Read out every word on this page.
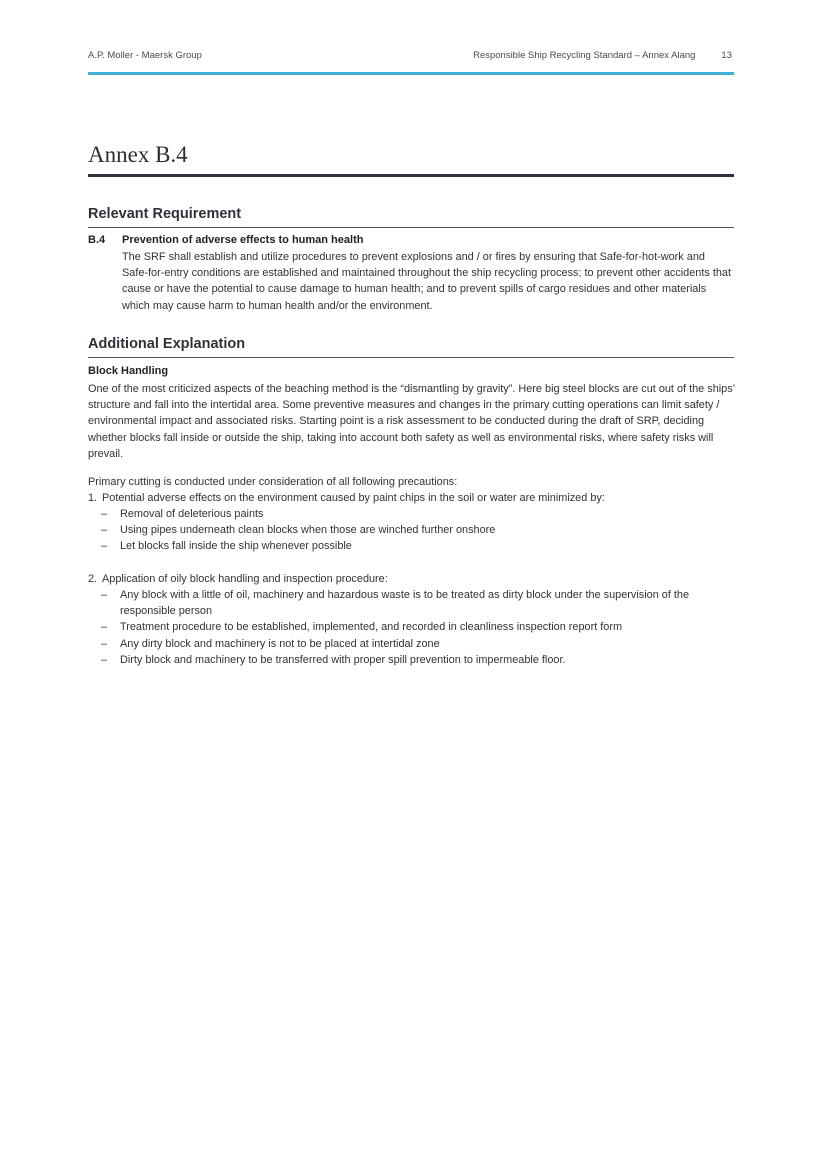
A.P. Moller - Maersk Group	Responsible Ship Recycling Standard – Annex Alang	13
Annex B.4
Relevant Requirement
B.4 Prevention of adverse effects to human health

The SRF shall establish and utilize procedures to prevent explosions and / or fires by ensuring that Safe-for-hot-work and Safe-for-entry conditions are established and maintained throughout the ship recycling process; to prevent other accidents that cause or have the potential to cause damage to human health; and to prevent spills of cargo residues and other materials which may cause harm to human health and/or the environment.

Additional Explanation
Block Handling

One of the most criticized aspects of the beaching method is the “dismantling by gravity”. Here big steel blocks are cut out of the ships’ structure and fall into the intertidal area. Some preventive measures and changes in the primary cutting operations can limit safety / environmental impact and associated risks. Starting point is a risk assessment to be conducted during the draft of SRP, deciding whether blocks fall inside or outside the ship, taking into account both safety as well as environmental risks, where safety risks will prevail.

Primary cutting is conducted under consideration of all following precautions:

1. Potential adverse effects on the environment caused by paint chips in the soil or water are minimized by:
– Removal of deleterious paints
– Using pipes underneath clean blocks when those are winched further onshore
– Let blocks fall inside the ship whenever possible
2. Application of oily block handling and inspection procedure:
– Any block with a little of oil, machinery and hazardous waste is to be treated as dirty block under the supervision of the responsible person
– Treatment procedure to be established, implemented, and recorded in cleanliness inspection report form
– Any dirty block and machinery is not to be placed at intertidal zone
– Dirty block and machinery to be transferred with proper spill prevention to impermeable floor.
